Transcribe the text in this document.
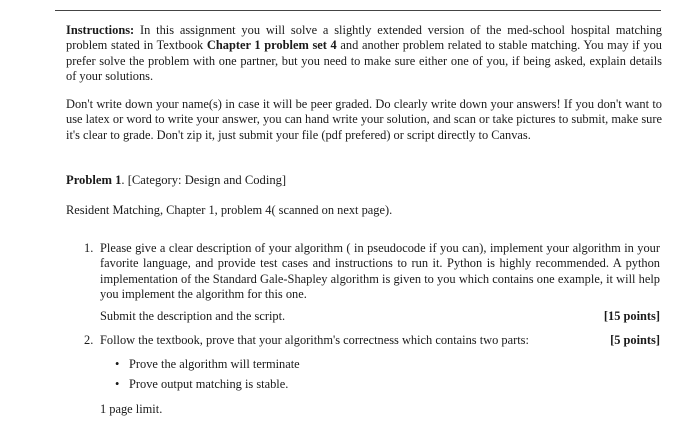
Instructions: In this assignment you will solve a slightly extended version of the med-school hospital matching problem stated in Textbook Chapter 1 problem set 4 and another problem related to stable matching. You may if you prefer solve the problem with one partner, but you need to make sure either one of you, if being asked, explain details of your solutions.
Don't write down your name(s) in case it will be peer graded. Do clearly write down your answers! If you don't want to use latex or word to write your answer, you can hand write your solution, and scan or take pictures to submit, make sure it's clear to grade. Don't zip it, just submit your file (pdf prefered) or script directly to Canvas.
Problem 1. [Category: Design and Coding]
Resident Matching, Chapter 1, problem 4( scanned on next page).
1. Please give a clear description of your algorithm ( in pseudocode if you can), implement your algorithm in your favorite language, and provide test cases and instructions to run it. Python is highly recommended. A python implementation of the Standard Gale-Shapley algorithm is given to you which contains one example, it will help you implement the algorithm for this one.
Submit the description and the script.	[15 points]
2. Follow the textbook, prove that your algorithm's correctness which contains two parts:	[5 points]
• Prove the algorithm will terminate
• Prove output matching is stable.
1 page limit.
